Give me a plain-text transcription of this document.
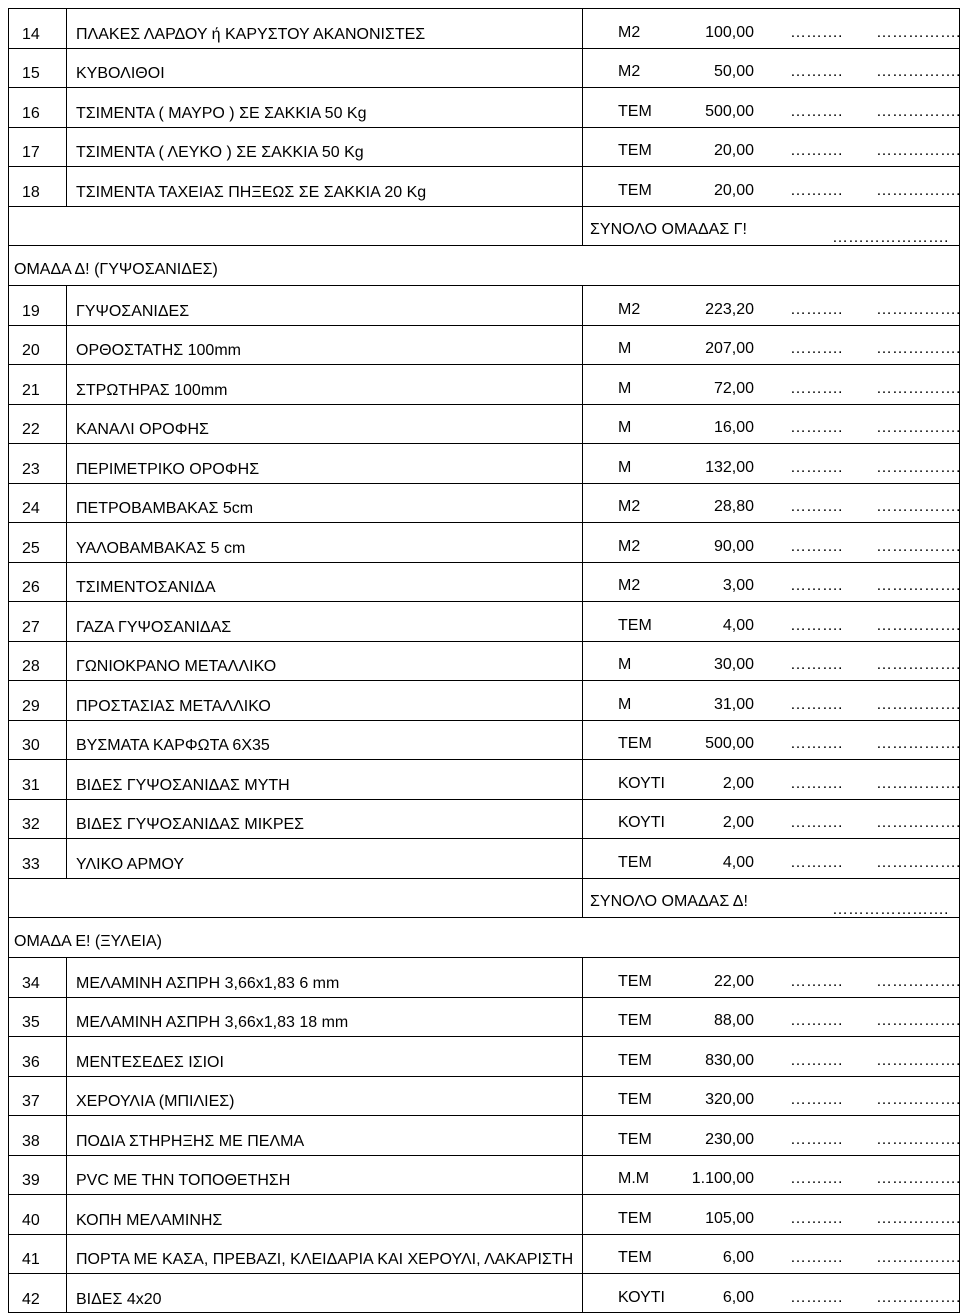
14 ΠΛΑΚΕΣ ΛΑΡΔΟΥ ή ΚΑΡΥΣΤΟΥ ΑΚΑΝΟΝΙΣΤΕΣ	Μ2	100,00 ………. …………….
15 ΚΥΒΟΛΙΘΟΙ	Μ2	50,00 ………. …………….
16 ΤΣΙΜΕΝΤΑ ( ΜΑΥΡΟ ) ΣΕ ΣΑΚΚΙΑ 50 Kg	ΤΕΜ	500,00 ………. …………….
17 ΤΣΙΜΕΝΤΑ ( ΛΕΥΚΟ ) ΣΕ ΣΑΚΚΙΑ 50 Kg	ΤΕΜ	20,00 ………. …………….
18 ΤΣΙΜΕΝΤΑ ΤΑΧΕΙΑΣ ΠΗΞΕΩΣ ΣΕ ΣΑΚΚΙΑ 20 Kg	ΤΕΜ	20,00 ………. …………….
ΣΥΝΟΛΟ ΟΜΑΔΑΣ Γ!	………………….
ΟΜΑΔΑ Δ! (ΓΥΨΟΣΑΝΙΔΕΣ)
19 ΓΥΨΟΣΑΝΙΔΕΣ	Μ2	223,20 ………. …………….
20 ΟΡΘΟΣΤΑΤΗΣ 100mm	Μ	207,00 ………. …………….
21 ΣΤΡΩΤΗΡΑΣ 100mm	Μ	72,00 ………. …………….
22 ΚΑΝΑΛΙ ΟΡΟΦΗΣ	Μ	16,00 ………. …………….
23 ΠΕΡΙΜΕΤΡΙΚΟ ΟΡΟΦΗΣ	Μ	132,00 ………. …………….
24 ΠΕΤΡΟΒΑΜΒΑΚΑΣ 5cm	Μ2	28,80 ………. …………….
25 ΥΑΛΟΒΑΜΒΑΚΑΣ 5 cm	Μ2	90,00 ………. …………….
26 ΤΣΙΜΕΝΤΟΣΑΝΙΔΑ	Μ2	3,00 ………. …………….
27 ΓΑΖΑ ΓΥΨΟΣΑΝΙΔΑΣ	ΤΕΜ	4,00 ………. …………….
28 ΓΩΝΙΟΚΡΑΝΟ ΜΕΤΑΛΛΙΚΟ	Μ	30,00 ………. …………….
29 ΠΡΟΣΤΑΣΙΑΣ ΜΕΤΑΛΛΙΚΟ	Μ	31,00 ………. …………….
30 ΒΥΣΜΑΤΑ ΚΑΡΦΩΤΑ 6Χ35	ΤΕΜ	500,00 ………. …………….
31 ΒΙΔΕΣ ΓΥΨΟΣΑΝΙΔΑΣ ΜΥΤΗ	ΚΟΥΤΙ	2,00 ………. …………….
32 ΒΙΔΕΣ ΓΥΨΟΣΑΝΙΔΑΣ ΜΙΚΡΕΣ	ΚΟΥΤΙ	2,00 ………. …………….
33 ΥΛΙΚΟ ΑΡΜΟΥ	ΤΕΜ	4,00 ………. …………….
ΣΥΝΟΛΟ ΟΜΑΔΑΣ Δ!	………………….
ΟΜΑΔΑ Ε! (ΞΥΛΕΙΑ)
34 ΜΕΛΑΜΙΝΗ ΑΣΠΡΗ 3,66x1,83 6 mm	ΤΕΜ	22,00 ………. …………….
35 ΜΕΛΑΜΙΝΗ ΑΣΠΡΗ 3,66x1,83 18 mm	ΤΕΜ	88,00 ………. …………….
36 ΜΕΝΤΕΣΕΔΕΣ ΙΣΙΟΙ	ΤΕΜ	830,00 ………. …………….
37 ΧΕΡΟΥΛΙΑ (ΜΠΙΛΙΕΣ)	ΤΕΜ	320,00 ………. …………….
38 ΠΟΔΙΑ ΣΤΗΡΗΞΗΣ ΜΕ ΠΕΛΜΑ	ΤΕΜ	230,00 ………. …………….
39 PVC ΜΕ ΤΗΝ ΤΟΠΟΘΕΤΗΣΗ	Μ.Μ	1.100,00 ………. …………….
40 ΚΟΠΗ ΜΕΛΑΜΙΝΗΣ	ΤΕΜ	105,00 ………. …………….
41 ΠΟΡΤΑ ΜΕ ΚΑΣΑ, ΠΡΕΒΑΖΙ, ΚΛΕΙΔΑΡΙΑ ΚΑΙ ΧΕΡΟΥΛΙ, ΛΑΚΑΡΙΣΤΗ	ΤΕΜ	6,00 ………. …………….
42 ΒΙΔΕΣ 4x20	ΚΟΥΤΙ	6,00 ………. …………….
